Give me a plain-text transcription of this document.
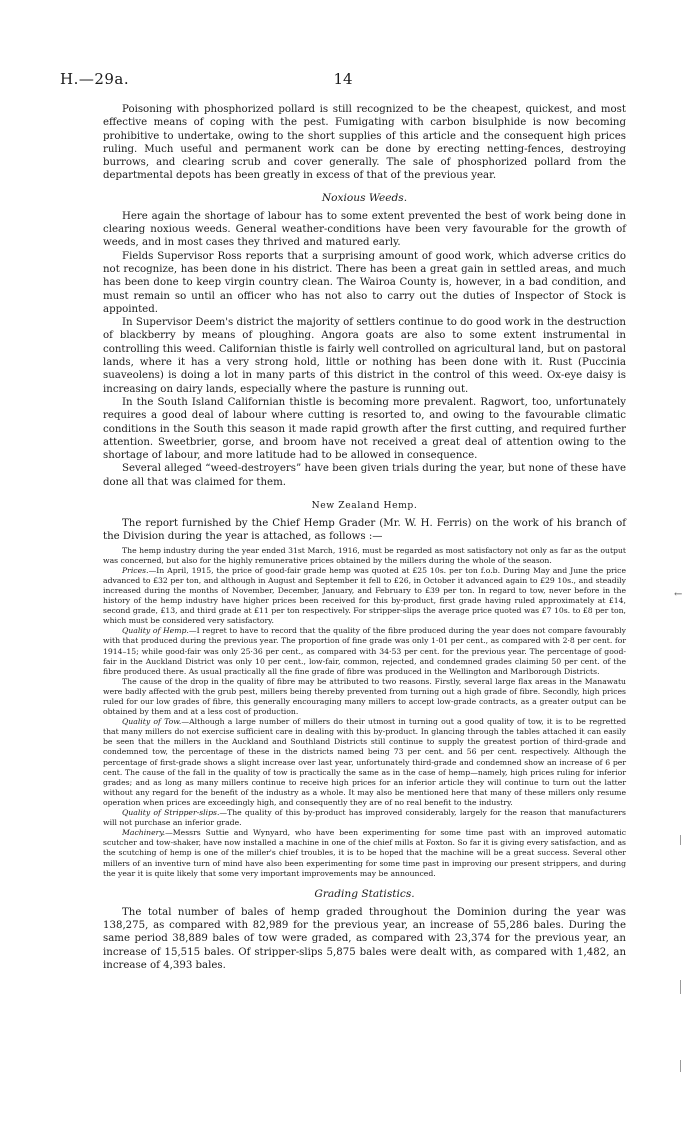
H.—29a.	14

Poisoning with phosphorized pollard is still recognized to be the cheapest, quickest, and most effective means of coping with the pest. Fumigating with carbon bisulphide is now becoming prohibitive to undertake, owing to the short supplies of this article and the consequent high prices ruling. Much useful and permanent work can be done by erecting netting-fences, destroying burrows, and clearing scrub and cover generally. The sale of phosphorized pollard from the departmental depots has been greatly in excess of that of the previous year.

Noxious Weeds.

Here again the shortage of labour has to some extent prevented the best of work being done in clearing noxious weeds. General weather-conditions have been very favourable for the growth of weeds, and in most cases they thrived and matured early.

Fields Supervisor Ross reports that a surprising amount of good work, which adverse critics do not recognize, has been done in his district. There has been a great gain in settled areas, and much has been done to keep virgin country clean. The Wairoa County is, however, in a bad condition, and must remain so until an officer who has not also to carry out the duties of Inspector of Stock is appointed.

In Supervisor Deem's district the majority of settlers continue to do good work in the destruction of blackberry by means of ploughing. Angora goats are also to some extent instrumental in controlling this weed. Californian thistle is fairly well controlled on agricultural land, but on pastoral lands, where it has a very strong hold, little or nothing has been done with it. Rust (Puccinia suaveolens) is doing a lot in many parts of this district in the control of this weed. Ox-eye daisy is increasing on dairy lands, especially where the pasture is running out.

In the South Island Californian thistle is becoming more prevalent. Ragwort, too, unfortunately requires a good deal of labour where cutting is resorted to, and owing to the favourable climatic conditions in the South this season it made rapid growth after the first cutting, and required further attention. Sweetbrier, gorse, and broom have not received a great deal of attention owing to the shortage of labour, and more latitude had to be allowed in consequence.

Several alleged “weed-destroyers” have been given trials during the year, but none of these have done all that was claimed for them.

New Zealand Hemp.

The report furnished by the Chief Hemp Grader (Mr. W. H. Ferris) on the work of his branch of the Division during the year is attached, as follows :—

The hemp industry during the year ended 31st March, 1916, must be regarded as most satisfactory not only as far as the output was concerned, but also for the highly remunerative prices obtained by the millers during the whole of the season.

Prices.—In April, 1915, the price of good-fair grade hemp was quoted at £25 10s. per ton f.o.b. During May and June the price advanced to £32 per ton, and although in August and September it fell to £26, in October it advanced again to £29 10s., and steadily increased during the months of November, December, January, and February to £39 per ton. In regard to tow, never before in the history of the hemp industry have higher prices been received for this by-product, first grade having ruled approximately at £14, second grade, £13, and third grade at £11 per ton respectively. For stripper-slips the average price quoted was £7 10s. to £8 per ton, which must be considered very satisfactory.

Quality of Hemp.—I regret to have to record that the quality of the fibre produced during the year does not compare favourably with that produced during the previous year. The proportion of fine grade was only 1·01 per cent., as compared with 2·8 per cent. for 1914–15; while good-fair was only 25·36 per cent., as compared with 34·53 per cent. for the previous year. The percentage of good-fair in the Auckland District was only 10 per cent., low-fair, common, rejected, and condemned grades claiming 50 per cent. of the fibre produced there. As usual practically all the fine grade of fibre was produced in the Wellington and Marlborough Districts.

The cause of the drop in the quality of fibre may be attributed to two reasons. Firstly, several large flax areas in the Manawatu were badly affected with the grub pest, millers being thereby prevented from turning out a high grade of fibre. Secondly, high prices ruled for our low grades of fibre, this generally encouraging many millers to accept low-grade contracts, as a greater output can be obtained by them and at a less cost of production.

Quality of Tow.—Although a large number of millers do their utmost in turning out a good quality of tow, it is to be regretted that many millers do not exercise sufficient care in dealing with this by-product. In glancing through the tables attached it can easily be seen that the millers in the Auckland and Southland Districts still continue to supply the greatest portion of third-grade and condemned tow, the percentage of these in the districts named being 73 per cent. and 56 per cent. respectively. Although the percentage of first-grade shows a slight increase over last year, unfortunately third-grade and condemned show an increase of 6 per cent. The cause of the fall in the quality of tow is practically the same as in the case of hemp—namely, high prices ruling for inferior grades; and as long as many millers continue to receive high prices for an inferior article they will continue to turn out the latter without any regard for the benefit of the industry as a whole. It may also be mentioned here that many of these millers only resume operation when prices are exceedingly high, and consequently they are of no real benefit to the industry.

Quality of Stripper-slips.—The quality of this by-product has improved considerably, largely for the reason that manufacturers will not purchase an inferior grade.

Machinery.—Messrs Suttie and Wynyard, who have been experimenting for some time past with an improved automatic scutcher and tow-shaker, have now installed a machine in one of the chief mills at Foxton. So far it is giving every satisfaction, and as the scutching of hemp is one of the miller's chief troubles, it is to be hoped that the machine will be a great success. Several other millers of an inventive turn of mind have also been experimenting for some time past in improving our present strippers, and during the year it is quite likely that some very important improvements may be announced.

Grading Statistics.

The total number of bales of hemp graded throughout the Dominion during the year was 138,275, as compared with 82,989 for the previous year, an increase of 55,286 bales. During the same period 38,889 bales of tow were graded, as compared with 23,374 for the previous year, an increase of 15,515 bales. Of stripper-slips 5,875 bales were dealt with, as compared with 1,482, an increase of 4,393 bales.

←
